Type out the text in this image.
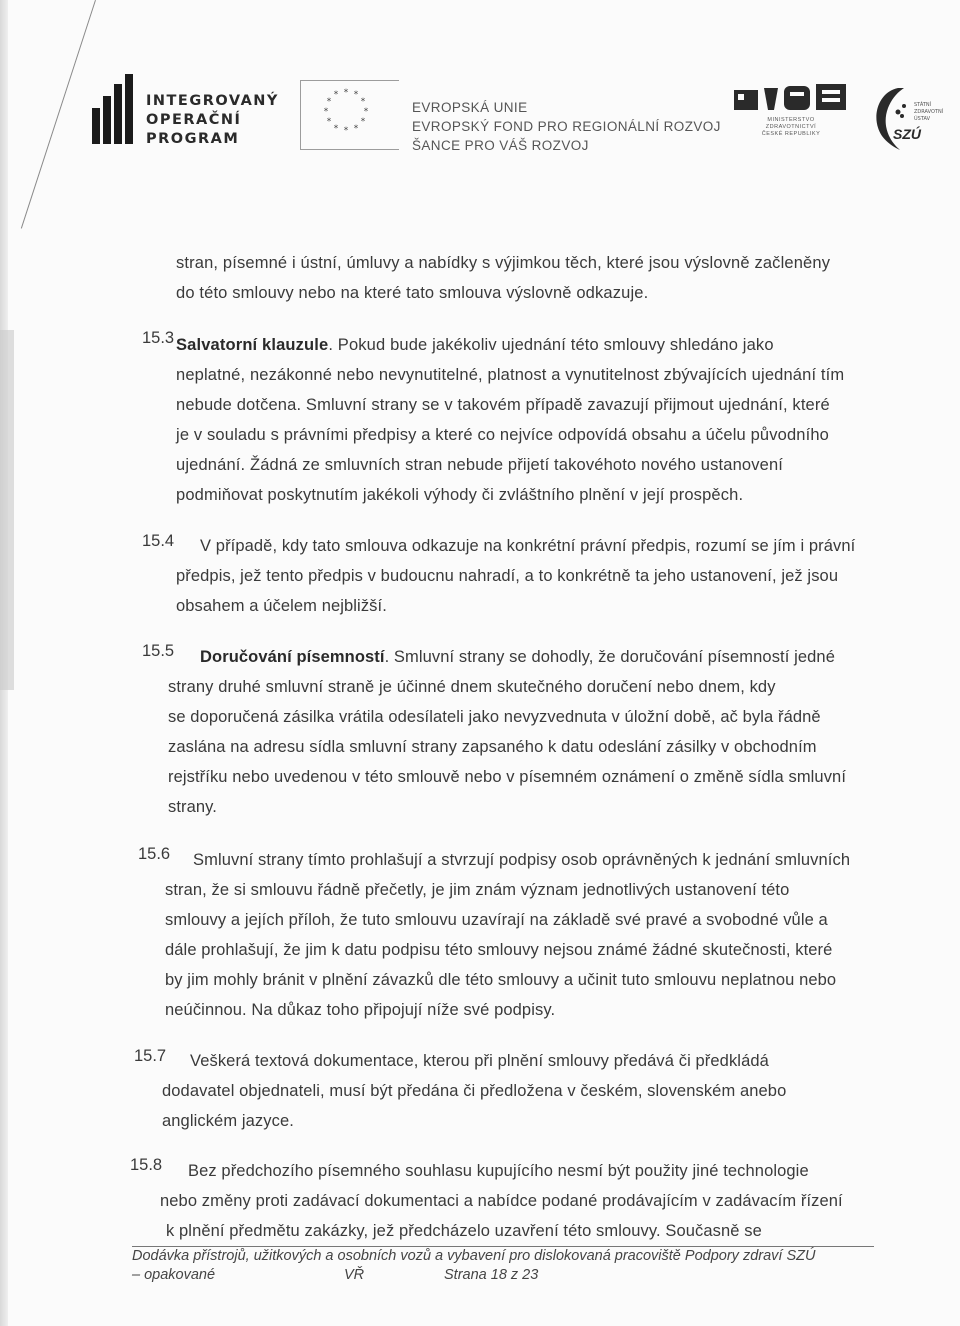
INTEGROVANÝ
OPERAČNÍ
PROGRAM
* *
*
*
*
*
*
*
*
*
*
*
EVROPSKÁ UNIE
EVROPSKÝ FOND PRO REGIONÁLNÍ ROZVOJ
ŠANCE PRO VÁŠ ROZVOJ
MINISTERSTVO ZDRAVOTNICTVÍ
ČESKÉ REPUBLIKY
STÁTNÍ
ZDRAVOTNÍ
ÚSTAV
SZÚ
stran, písemné i ústní, úmluvy a nabídky s výjimkou těch, které jsou výslovně začleněny
do této smlouvy nebo na které tato smlouva výslovně odkazuje.
15.3 Salvatorní klauzule. Pokud bude jakékoliv ujednání této smlouvy shledáno jako
neplatné, nezákonné nebo nevynutitelné, platnost a vynutitelnost zbývajících ujednání tím
nebude dotčena. Smluvní strany se v takovém případě zavazují přijmout ujednání, které
je v souladu s právními předpisy a které co nejvíce odpovídá obsahu a účelu původního
ujednání. Žádná ze smluvních stran nebude přijetí takovéhoto nového ustanovení
podmiňovat poskytnutím jakékoli výhody či zvláštního plnění v její prospěch.
15.4	V případě, kdy tato smlouva odkazuje na konkrétní právní předpis, rozumí se jím i právní
předpis, jež tento předpis v budoucnu nahradí, a to konkrétně ta jeho ustanovení, jež jsou
obsahem a účelem nejbližší.
15.5	Doručování písemností. Smluvní strany se dohodly, že doručování písemností jedné
strany druhé smluvní straně je účinné dnem skutečného doručení nebo dnem, kdy
se doporučená zásilka vrátila odesílateli jako nevyzvednuta v úložní době, ač byla řádně
zaslána na adresu sídla smluvní strany zapsaného k datu odeslání zásilky v obchodním
rejstříku nebo uvedenou v této smlouvě nebo v písemném oznámení o změně sídla smluvní
strany.
15.6	Smluvní strany tímto prohlašují a stvrzují podpisy osob oprávněných k jednání smluvních
stran, že si smlouvu řádně přečetly, je jim znám význam jednotlivých ustanovení této
smlouvy a jejích příloh, že tuto smlouvu uzavírají na základě své pravé a svobodné vůle a
dále prohlašují, že jim k datu podpisu této smlouvy nejsou známé žádné skutečnosti, které
by jim mohly bránit v plnění závazků dle této smlouvy a učinit tuto smlouvu neplatnou nebo
neúčinnou. Na důkaz toho připojují níže své podpisy.
15.7	Veškerá textová dokumentace, kterou při plnění smlouvy předává či předkládá
dodavatel objednateli, musí být předána či předložena v českém, slovenském anebo
anglickém jazyce.
15.8	Bez předchozího písemného souhlasu kupujícího nesmí být použity jiné technologie
nebo změny proti zadávací dokumentaci a nabídce podané prodávajícím v zadávacím řízení
k plnění předmětu zakázky, jež předcházelo uzavření této smlouvy. Současně se
Dodávka přístrojů, užitkových a osobních vozů a vybavení pro dislokovaná pracoviště Podpory zdraví SZÚ
– opakované	VŘ	Strana 18 z 23
